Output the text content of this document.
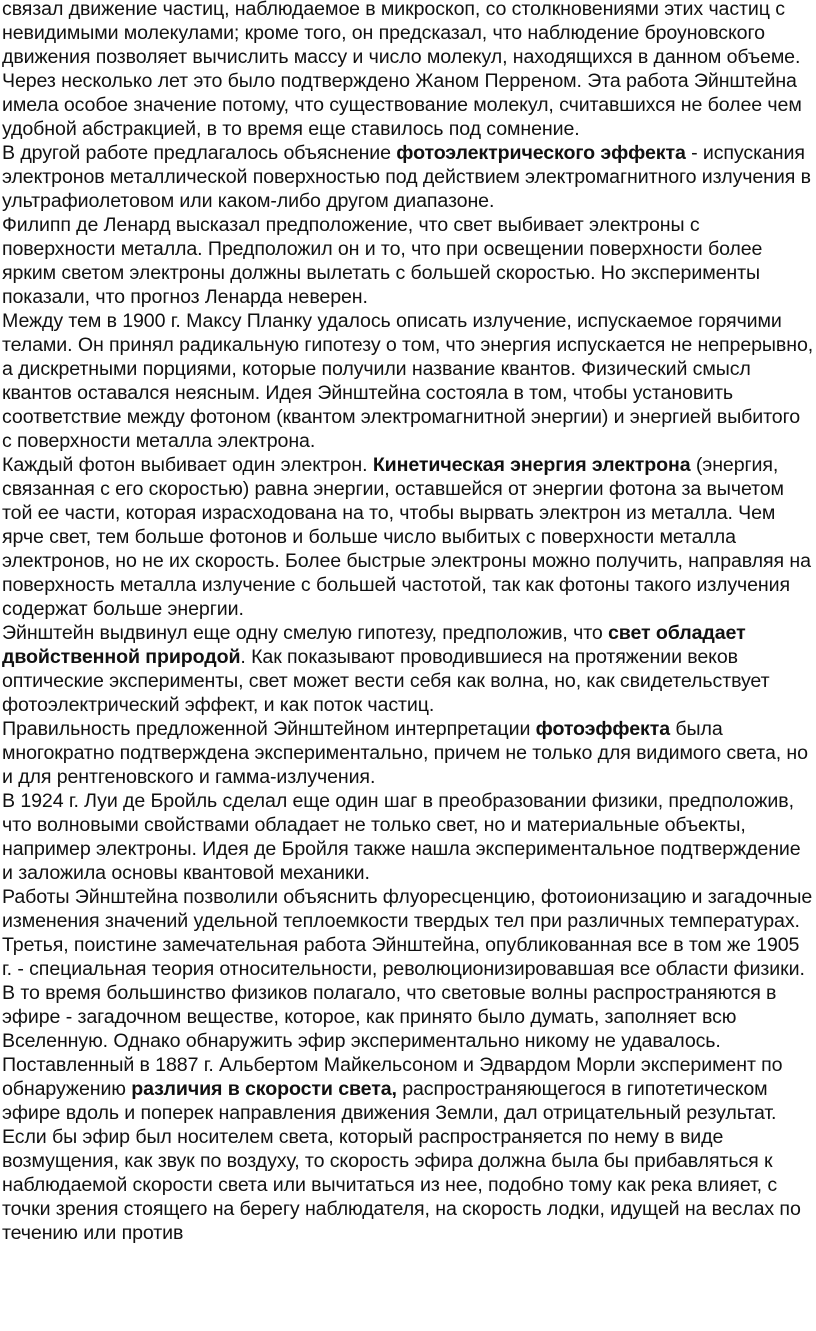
связал движение частиц, наблюдаемое в микроскоп, со столкновениями этих частиц с невидимыми молекулами; кроме того, он предсказал, что наблюдение броуновского движения позволяет вычислить массу и число молекул, находящихся в данном объеме. Через несколько лет это было подтверждено Жаном Перреном. Эта работа Эйнштейна имела особое значение потому, что существование молекул, считавшихся не более чем удобной абстракцией, в то время еще ставилось под сомнение.

В другой работе предлагалось объяснение фотоэлектрического эффекта - испускания электронов металлической поверхностью под действием электромагнитного излучения в ультрафиолетовом или каком-либо другом диапазоне.

Филипп де Ленард высказал предположение, что свет выбивает электроны с поверхности металла. Предположил он и то, что при освещении поверхности более ярким светом электроны должны вылетать с большей скоростью. Но эксперименты показали, что прогноз Ленарда неверен.

Между тем в 1900 г. Максу Планку удалось описать излучение, испускаемое горячими телами. Он принял радикальную гипотезу о том, что энергия испускается не непрерывно, а дискретными порциями, которые получили название квантов. Физический смысл квантов оставался неясным. Идея Эйнштейна состояла в том, чтобы установить соответствие между фотоном (квантом электромагнитной энергии) и энергией выбитого с поверхности металла электрона.

Каждый фотон выбивает один электрон. Кинетическая энергия электрона (энергия, связанная с его скоростью) равна энергии, оставшейся от энергии фотона за вычетом той ее части, которая израсходована на то, чтобы вырвать электрон из металла. Чем ярче свет, тем больше фотонов и больше число выбитых с поверхности металла электронов, но не их скорость. Более быстрые электроны можно получить, направляя на поверхность металла излучение с большей частотой, так как фотоны такого излучения содержат больше энергии.

Эйнштейн выдвинул еще одну смелую гипотезу, предположив, что свет обладает двойственной природой. Как показывают проводившиеся на протяжении веков оптические эксперименты, свет может вести себя как волна, но, как свидетельствует фотоэлектрический эффект, и как поток частиц.

Правильность предложенной Эйнштейном интерпретации фотоэффекта была многократно подтверждена экспериментально, причем не только для видимого света, но и для рентгеновского и гамма-излучения.

В 1924 г. Луи де Бройль сделал еще один шаг в преобразовании физики, предположив, что волновыми свойствами обладает не только свет, но и материальные объекты, например электроны. Идея де Бройля также нашла экспериментальное подтверждение и заложила основы квантовой механики.

Работы Эйнштейна позволили объяснить флуоресценцию, фотоионизацию и загадочные изменения значений удельной теплоемкости твердых тел при различных температурах.

Третья, поистине замечательная работа Эйнштейна, опубликованная все в том же 1905 г. - специальная теория относительности, революционизировавшая все области физики. В то время большинство физиков полагало, что световые волны распространяются в эфире - загадочном веществе, которое, как принято было думать, заполняет всю Вселенную. Однако обнаружить эфир экспериментально никому не удавалось.

Поставленный в 1887 г. Альбертом Майкельсоном и Эдвардом Морли эксперимент по обнаружению различия в скорости света, распространяющегося в гипотетическом эфире вдоль и поперек направления движения Земли, дал отрицательный результат. Если бы эфир был носителем света, который распространяется по нему в виде возмущения, как звук по воздуху, то скорость эфира должна была бы прибавляться к наблюдаемой скорости света или вычитаться из нее, подобно тому как река влияет, с точки зрения стоящего на берегу наблюдателя, на скорость лодки, идущей на веслах по течению или против
